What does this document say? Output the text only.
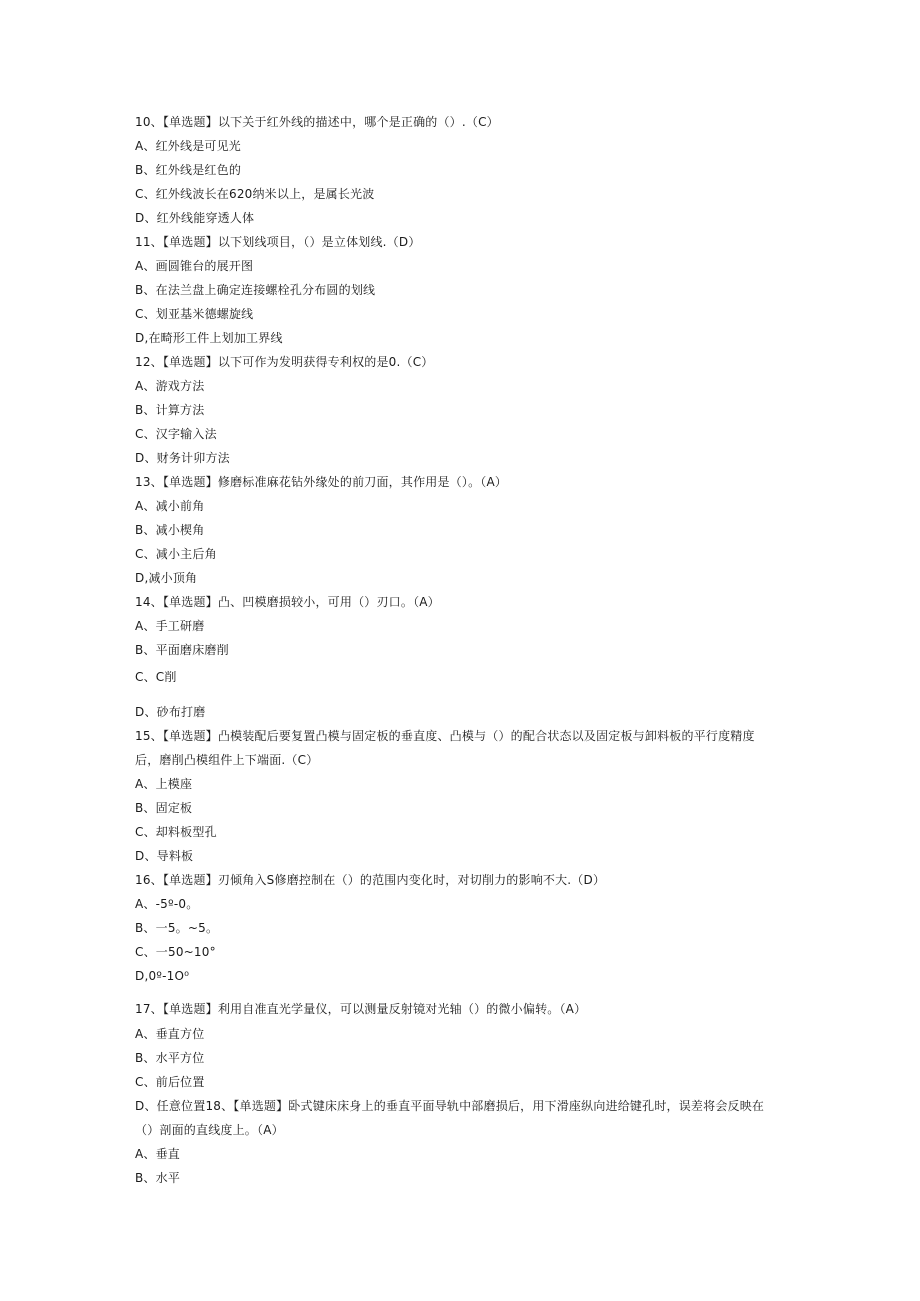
10、【单选题】以下关于红外线的描述中，哪个是正确的（）.（C）
A、红外线是可见光
B、红外线是红色的
C、红外线波长在620纳米以上，是属长光波
D、红外线能穿透人体
11、【单选题】以下划线项目，（）是立体划线.（D）
A、画圆锥台的展开图
B、在法兰盘上确定连接螺栓孔分布圆的划线
C、划亚基米德螺旋线
D,在畸形工件上划加工界线
12、【单选题】以下可作为发明获得专利权的是0.（C）
A、游戏方法
B、计算方法
C、汉字输入法
D、财务计卯方法
13、【单选题】修磨标准麻花钻外缘处的前刀面，其作用是（）。（A）
A、减小前角
B、减小楔角
C、减小主后角
D,减小顶角
14、【单选题】凸、凹模磨损较小，可用（）刃口。（A）
A、手工研磨
B、平面磨床磨削
C、C削
D、砂布打磨
15、【单选题】凸模装配后要复置凸模与固定板的垂直度、凸模与（）的配合状态以及固定板与卸料板的平行度精度
后，磨削凸模组件上下端面.（C）
A、上模座
B、固定板
C、却料板型孔
D、导料板
16、【单选题】刃倾角入S修磨控制在（）的范围内变化时，对切削力的影响不大.（D）
A、-5º-0。
B、一5。~5。
C、一50~10°
D,0º-1O⁰
17、【单选题】利用自准直光学量仪，可以测量反射镜对光轴（）的微小偏转。（A）
A、垂直方位
B、水平方位
C、前后位置
D、任意位置18、【单选题】卧式键床床身上的垂直平面导轨中部磨损后，用下滑座纵向进给键孔时，误差将会反映在
（）剖面的直线度上。（A）
A、垂直
B、水平
